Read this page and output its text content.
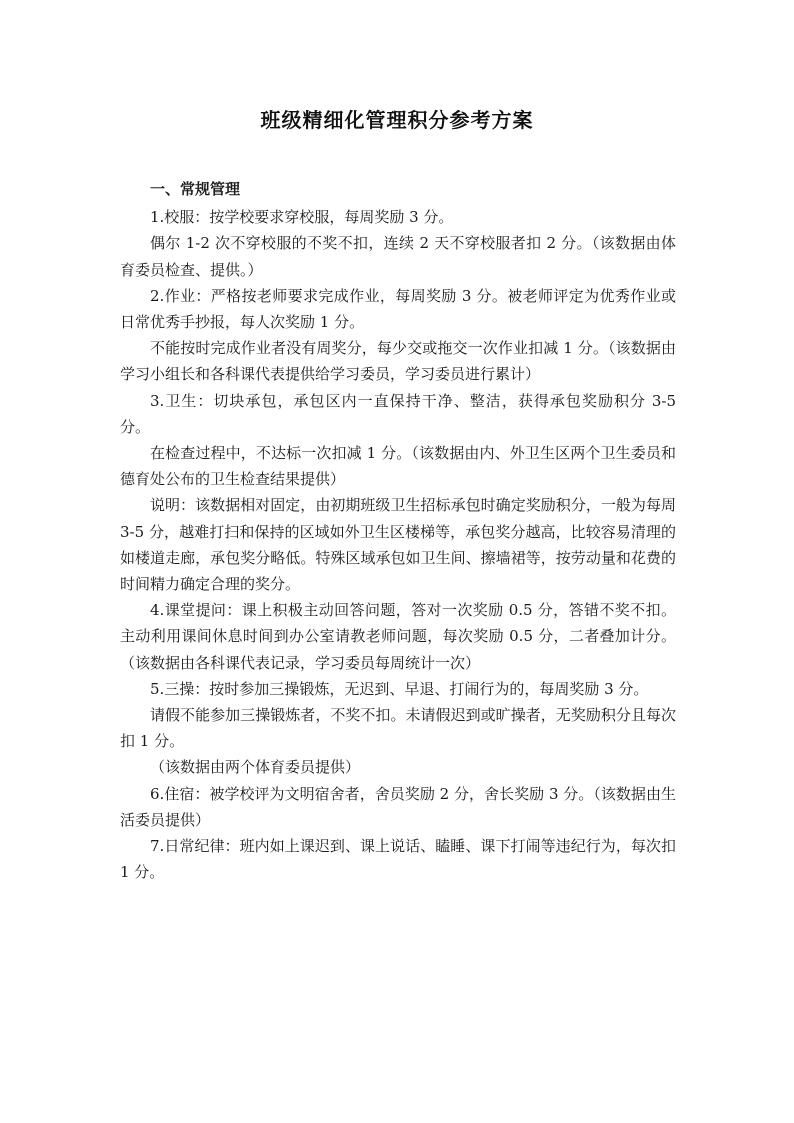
班级精细化管理积分参考方案
一、常规管理

1.校服：按学校要求穿校服，每周奖励 3 分。

偶尔 1-2 次不穿校服的不奖不扣，连续 2 天不穿校服者扣 2 分。（该数据由体育委员检查、提供。）

2.作业：严格按老师要求完成作业，每周奖励 3 分。被老师评定为优秀作业或日常优秀手抄报，每人次奖励 1 分。

不能按时完成作业者没有周奖分，每少交或拖交一次作业扣减 1 分。（该数据由学习小组长和各科课代表提供给学习委员，学习委员进行累计）

3.卫生：切块承包，承包区内一直保持干净、整洁，获得承包奖励积分 3-5 分。

在检查过程中，不达标一次扣减 1 分。（该数据由内、外卫生区两个卫生委员和德育处公布的卫生检查结果提供）

说明：该数据相对固定，由初期班级卫生招标承包时确定奖励积分，一般为每周 3-5 分，越难打扫和保持的区域如外卫生区楼梯等，承包奖分越高，比较容易清理的如楼道走廊，承包奖分略低。特殊区域承包如卫生间、擦墙裙等，按劳动量和花费的时间精力确定合理的奖分。

4.课堂提问：课上积极主动回答问题，答对一次奖励 0.5 分，答错不奖不扣。主动利用课间休息时间到办公室请教老师问题，每次奖励 0.5 分，二者叠加计分。（该数据由各科课代表记录，学习委员每周统计一次）

5.三操：按时参加三操锻炼，无迟到、早退、打闹行为的，每周奖励 3 分。

请假不能参加三操锻炼者，不奖不扣。未请假迟到或旷操者，无奖励积分且每次扣 1 分。

（该数据由两个体育委员提供）

6.住宿：被学校评为文明宿舍者，舍员奖励 2 分，舍长奖励 3 分。（该数据由生活委员提供）

7.日常纪律：班内如上课迟到、课上说话、瞌睡、课下打闹等违纪行为，每次扣 1 分。
